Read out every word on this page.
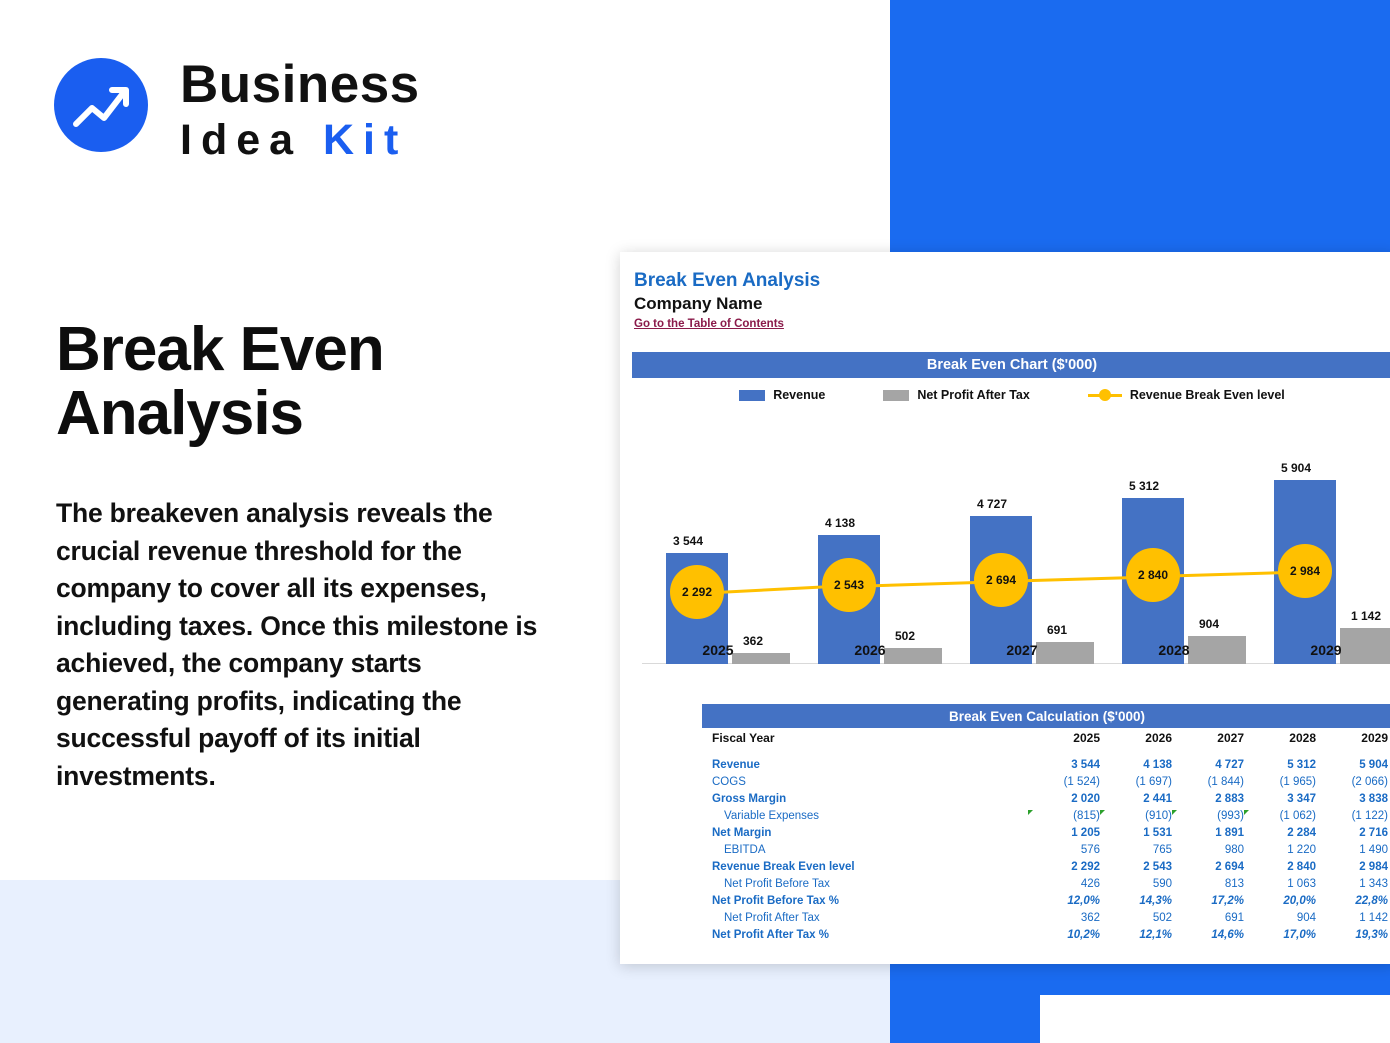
Business
Idea Kit
Break Even Analysis
The breakeven analysis reveals the crucial revenue threshold for the company to cover all its expenses, including taxes. Once this milestone is achieved, the company starts generating profits, indicating the successful payoff of its initial investments.
Break Even Analysis
Company Name
Go to the Table of Contents
Break Even Chart ($'000)
Revenue	Net Profit After Tax	Revenue Break Even level
3 544
362
2025
4 138
502
2026
4 727
691
2027
5 312
904
2028
5 904
1 142
2029
2 292
2 543	2 694	2 840	2 984
Break Even Calculation ($'000)
Fiscal Year	2025	2026	2027	2028	2029

Revenue	3 544	4 138	4 727	5 312	5 904
COGS	(1 524)	(1 697)	(1 844)	(1 965)	(2 066)
Gross Margin	2 020	2 441	2 883	3 347	3 838
Variable Expenses	(815)	(910)	(993)	(1 062)	(1 122)
Net Margin	1 205	1 531	1 891	2 284	2 716
EBITDA	576	765	980	1 220	1 490
Revenue Break Even level	2 292	2 543	2 694	2 840	2 984
Net Profit Before Tax	426	590	813	1 063	1 343
Net Profit Before Tax %	12,0%	14,3%	17,2%	20,0%	22,8%
Net Profit After Tax	362	502	691	904	1 142
Net Profit After Tax %	10,2%	12,1%	14,6%	17,0%	19,3%
